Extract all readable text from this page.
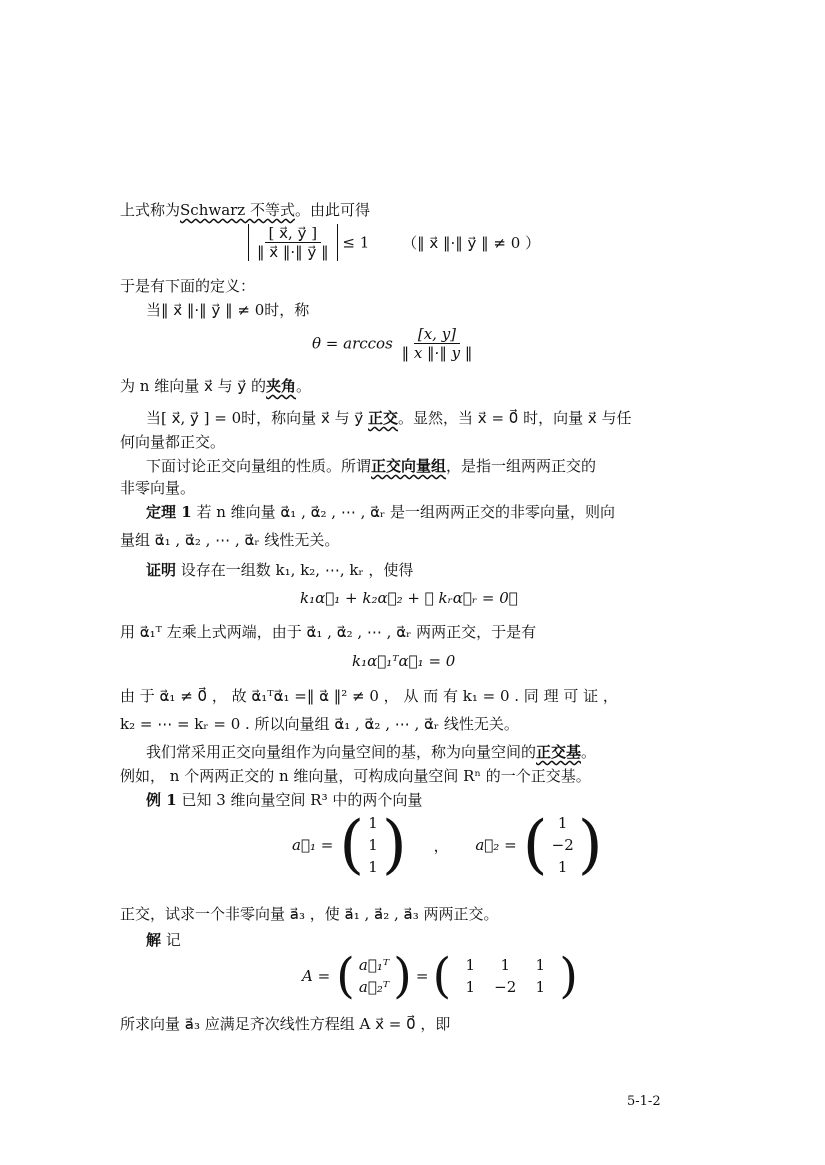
上式称为Schwarz 不等式。由此可得
$\frac{[ x⃗, y⃗ ]}{‖ x⃗ ‖\cdot‖ y⃗ ‖} \le 1$ （‖ x⃗ ‖·‖ y⃗ ‖ ≠ 0 ）
于是有下面的定义：
当‖ x⃗ ‖·‖ y⃗ ‖ ≠ 0时，称
$\theta = \arccos \frac{[x, y]}{‖ x ‖\cdot‖ y ‖}$
为 n 维向量 x⃗ 与 y⃗ 的夹角。
当[ x⃗, y⃗ ] = 0时，称向量 x⃗ 与 y⃗ 正交。显然，当 x⃗ = 0⃗ 时，向量 x⃗ 与任
何向量都正交。
下面讨论正交向量组的性质。所谓正交向量组，是指一组两两正交的
非零向量。
定理 1 若 n 维向量 α⃗₁ , α⃗₂ , ⋯ , α⃗ᵣ 是一组两两正交的非零向量，则向
量组 α⃗₁ , α⃗₂ , ⋯ , α⃗ᵣ 线性无关。
证明 设存在一组数 k₁, k₂, ⋯, kᵣ ，使得
k₁α⃗₁ + k₂α⃗₂ + ⋯ kᵣα⃗ᵣ = 0⃗
用 α⃗₁ᵀ 左乘上式两端，由于 α⃗₁ , α⃗₂ , ⋯ , α⃗ᵣ 两两正交，于是有
k₁α⃗₁ᵀα⃗₁ = 0
由 于 α⃗₁ ≠ 0⃗ ， 故 α⃗₁ᵀα⃗₁ =‖ α⃗ ‖² ≠ 0 ， 从 而 有 k₁ = 0 . 同 理 可 证 ，
k₂ = ⋯ = kᵣ = 0 . 所以向量组 α⃗₁ , α⃗₂ , ⋯ , α⃗ᵣ 线性无关。
我们常采用正交向量组作为向量空间的基，称为向量空间的正交基。
例如， n 个两两正交的 n 维向量，可构成向量空间 Rⁿ 的一个正交基。
例 1 已知 3 维向量空间 R³ 中的两个向量
a⃗₁ = ( 1
1
1 ) ， a⃗₂ = ( 1
−2
1 )
正交，试求一个非零向量 a⃗₃ ，使 a⃗₁ , a⃗₂ , a⃗₃ 两两正交。
解 记
A = ( a⃗₁ᵀ
a⃗₂ᵀ ) = ( 1	1	1
1	−2	1 )
所求向量 a⃗₃ 应满足齐次线性方程组 A x⃗ = 0⃗ ，即
5-1-2
